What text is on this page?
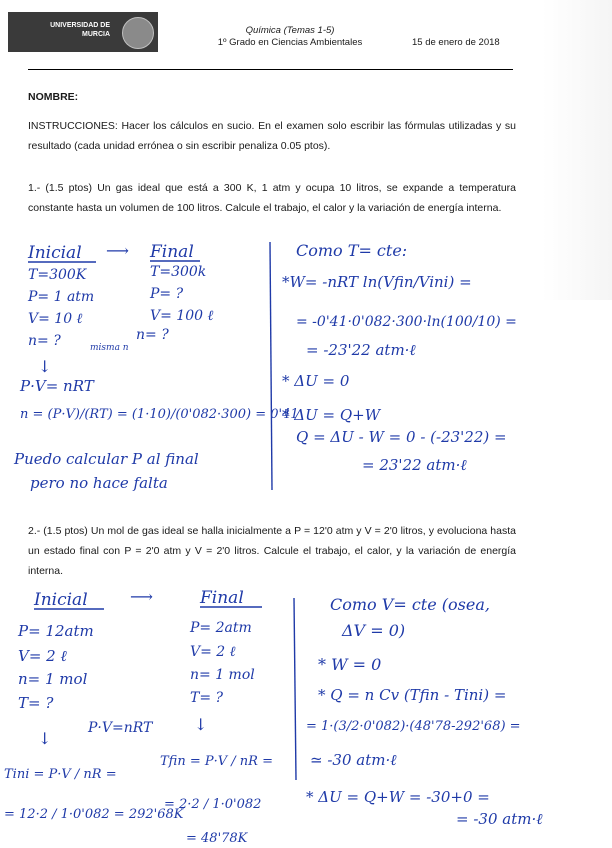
UNIVERSIDAD DE
MURCIA	Química (Temas 1-5)
1º Grado en Ciencias Ambientales	15 de enero de 2018
NOMBRE:
INSTRUCCIONES: Hacer los cálculos en sucio. En el examen solo escribir las fórmulas utilizadas y su resultado (cada unidad errónea o sin escribir penaliza 0.05 ptos).
1.- (1.5 ptos) Un gas ideal que está a 300 K, 1 atm y ocupa 10 litros, se expande a temperatura constante hasta un volumen de 100 litros. Calcule el trabajo, el calor y la variación de energía interna.
2.- (1.5 ptos) Un mol de gas ideal se halla inicialmente a P = 12'0 atm y V = 2'0 litros, y evoluciona hasta un estado final con P = 2'0 atm y V = 2'0 litros. Calcule el trabajo, el calor, y la variación de energía interna.
Inicial ⟶ Final
T=300K	T=300k
P= 1 atm	P= ?
V= 10 ℓ	V= 100 ℓ
n= ?	n= ?
misma n
↓
P·V= nRT
n = (P·V)/(RT) = (1·10)/(0'082·300) = 0'41
Puedo calcular P al final
pero no hace falta
Como T= cte:
*W= -nRT ln(Vfin/Vini) =
= -0'41·0'082·300·ln(100/10) =
= -23'22 atm·ℓ
* ΔU = 0
* ΔU = Q+W
Q = ΔU - W = 0 - (-23'22) =
= 23'22 atm·ℓ
Inicial	⟶	Final
P= 12atm	P= 2atm
V= 2 ℓ	V= 2 ℓ
n= 1 mol	n= 1 mol
T= ?	T= ?
P·V=nRT
↓
↓
Tini = P·V / nR =
Tfin = P·V / nR =
= 12·2 / 1·0'082 = 292'68K
= 2·2 / 1·0'082
= 48'78K
Como V= cte (osea,
ΔV = 0)
* W = 0
* Q = n Cv (Tfin - Tini) =
= 1·(3/2·0'082)·(48'78-292'68) =
≃ -30 atm·ℓ
* ΔU = Q+W = -30+0 =
= -30 atm·ℓ
